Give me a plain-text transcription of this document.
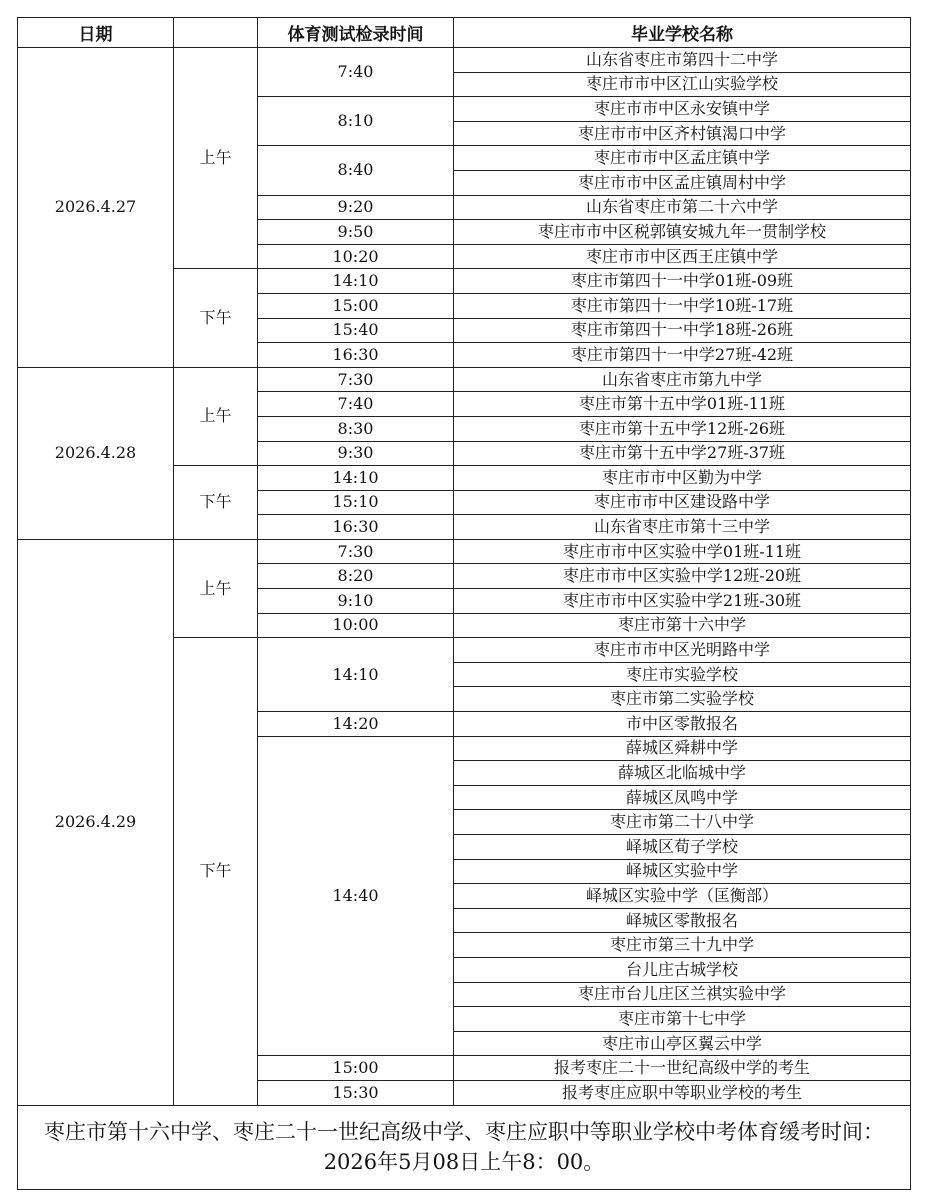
日期		体育测试检录时间	毕业学校名称
2026.4.27	上午	7:40	山东省枣庄市第四十二中学
			枣庄市市中区江山实验学校
		8:10	枣庄市市中区永安镇中学
			枣庄市市中区齐村镇渴口中学
		8:40	枣庄市市中区孟庄镇中学
			枣庄市市中区孟庄镇周村中学
		9:20	山东省枣庄市第二十六中学
		9:50	枣庄市市中区税郭镇安城九年一贯制学校
		10:20	枣庄市市中区西王庄镇中学
	下午	14:10	枣庄市第四十一中学01班-09班
		15:00	枣庄市第四十一中学10班-17班
		15:40	枣庄市第四十一中学18班-26班
		16:30	枣庄市第四十一中学27班-42班
2026.4.28	上午	7:30	山东省枣庄市第九中学
		7:40	枣庄市第十五中学01班-11班
		8:30	枣庄市第十五中学12班-26班
		9:30	枣庄市第十五中学27班-37班
	下午	14:10	枣庄市市中区勤为中学
		15:10	枣庄市市中区建设路中学
		16:30	山东省枣庄市第十三中学
2026.4.29	上午	7:30	枣庄市市中区实验中学01班-11班
		8:20	枣庄市市中区实验中学12班-20班
		9:10	枣庄市市中区实验中学21班-30班
		10:00	枣庄市第十六中学
	下午	14:10	枣庄市市中区光明路中学
			枣庄市实验学校
			枣庄市第二实验学校
		14:20	市中区零散报名
		14:40	薛城区舜耕中学
			薛城区北临城中学
			薛城区凤鸣中学
			枣庄市第二十八中学
			峄城区荀子学校
			峄城区实验中学
			峄城区实验中学（匡衡部）
			峄城区零散报名
			枣庄市第三十九中学
			台儿庄古城学校
			枣庄市台儿庄区兰祺实验中学
			枣庄市第十七中学
			枣庄市山亭区翼云中学
		15:00	报考枣庄二十一世纪高级中学的考生
		15:30	报考枣庄应职中等职业学校的考生
枣庄市第十六中学、枣庄二十一世纪高级中学、枣庄应职中等职业学校中考体育缓考时间： 2026年5月08日上午8：00。			
